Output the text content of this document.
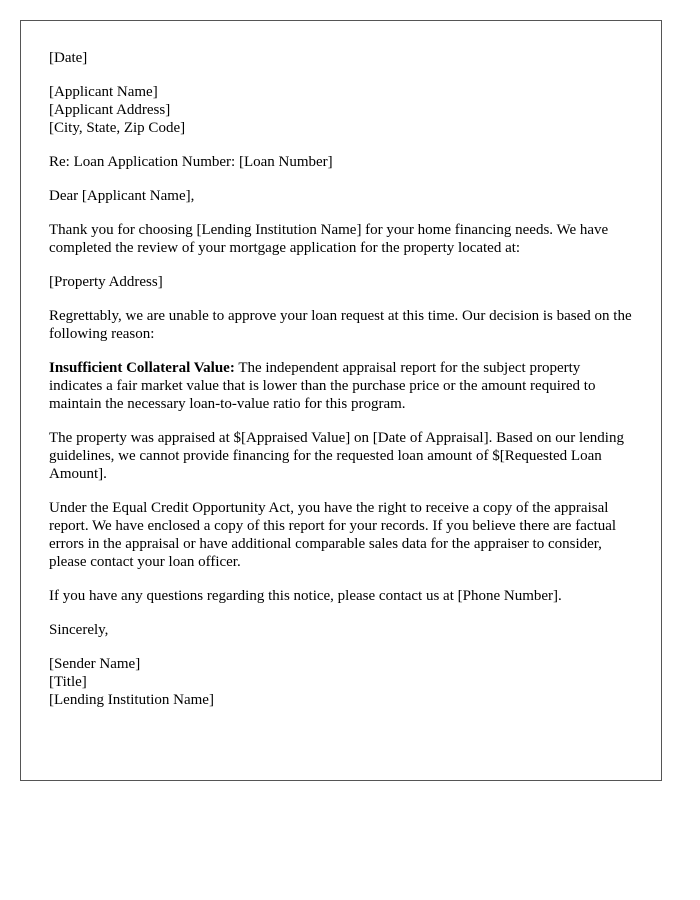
[Date]

[Applicant Name]
[Applicant Address]
[City, State, Zip Code]

Re: Loan Application Number: [Loan Number]

Dear [Applicant Name],

Thank you for choosing [Lending Institution Name] for your home financing needs. We have completed the review of your mortgage application for the property located at:

[Property Address]

Regrettably, we are unable to approve your loan request at this time. Our decision is based on the following reason:

Insufficient Collateral Value: The independent appraisal report for the subject property indicates a fair market value that is lower than the purchase price or the amount required to maintain the necessary loan-to-value ratio for this program.

The property was appraised at $[Appraised Value] on [Date of Appraisal]. Based on our lending guidelines, we cannot provide financing for the requested loan amount of $[Requested Loan Amount].

Under the Equal Credit Opportunity Act, you have the right to receive a copy of the appraisal report. We have enclosed a copy of this report for your records. If you believe there are factual errors in the appraisal or have additional comparable sales data for the appraiser to consider, please contact your loan officer.

If you have any questions regarding this notice, please contact us at [Phone Number].

Sincerely,

[Sender Name]
[Title]
[Lending Institution Name]
